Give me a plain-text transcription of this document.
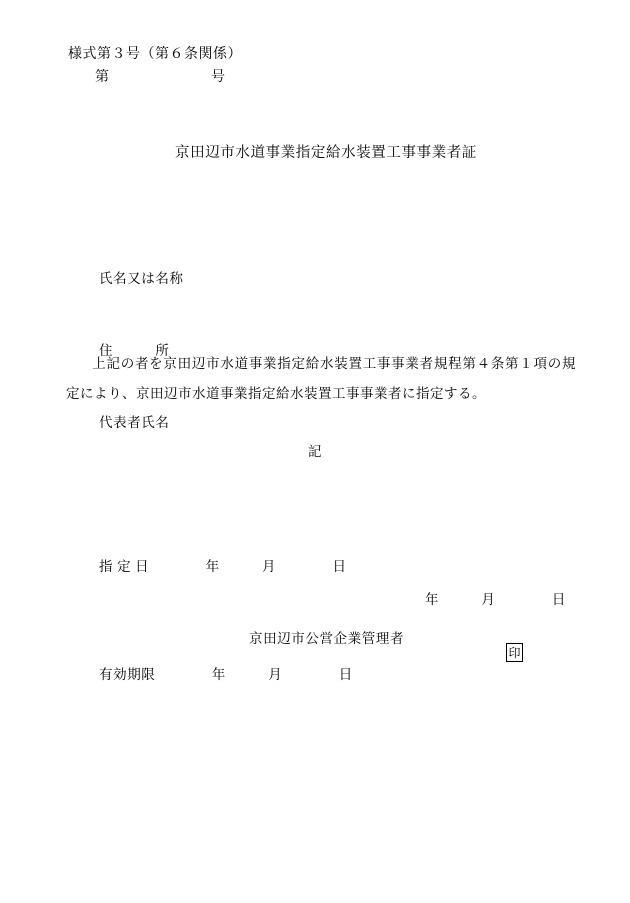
様式第３号（第６条関係）
第　　　　　　　号
京田辺市水道事業指定給水装置工事事業者証

氏名又は名称

住　　　所

代表者氏名

上記の者を京田辺市水道事業指定給水装置工事事業者規程第４条第１項の規定により、京田辺市水道事業指定給水装置工事事業者に指定する。
記

指 定 日　　　　年　　　月　　　　日

有効期限　　　　年　　　月　　　　日

年　　　月　　　　日
京田辺市公営企業管理者
印
